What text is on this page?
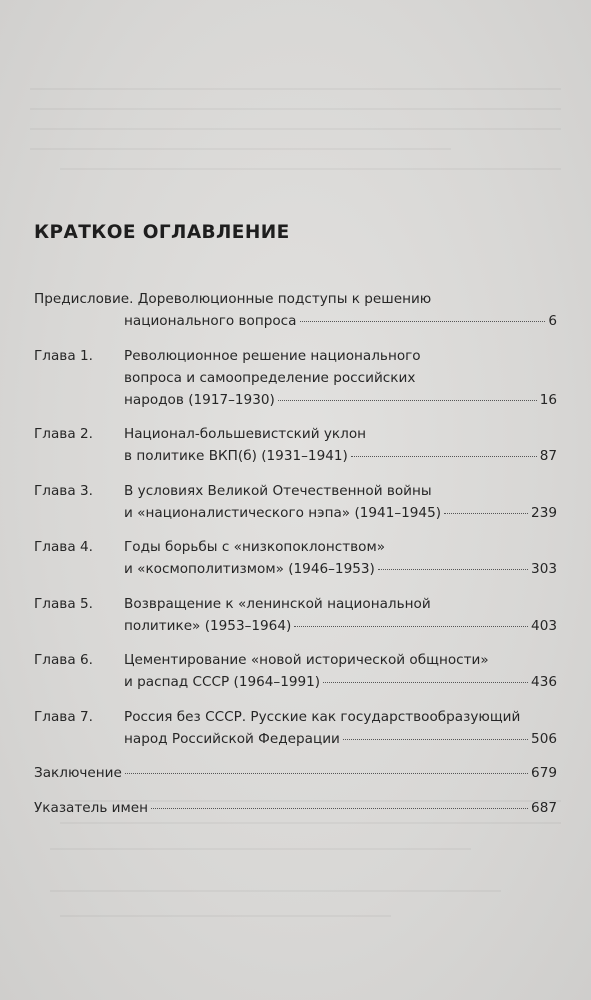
КРАТКОЕ ОГЛАВЛЕНИЕ
Предисловие. Дореволюционные подступы к решению
национального вопроса	6
Глава 1. Революционное решение национального
вопроса и самоопределение российских
народов (1917–1930)	16
Глава 2. Национал-большевистский уклон
в политике ВКП(б) (1931–1941)	87
Глава 3. В условиях Великой Отечественной войны
и «националистического нэпа» (1941–1945)	239
Глава 4. Годы борьбы с «низкопоклонством»
и «космополитизмом» (1946–1953)	303
Глава 5. Возвращение к «ленинской национальной
политике» (1953–1964)	403
Глава 6. Цементирование «новой исторической общности»
и распад СССР (1964–1991)	436
Глава 7. Россия без СССР. Русские как государствообразующий
народ Российской Федерации	506
Заключение	679
Указатель имен	687
